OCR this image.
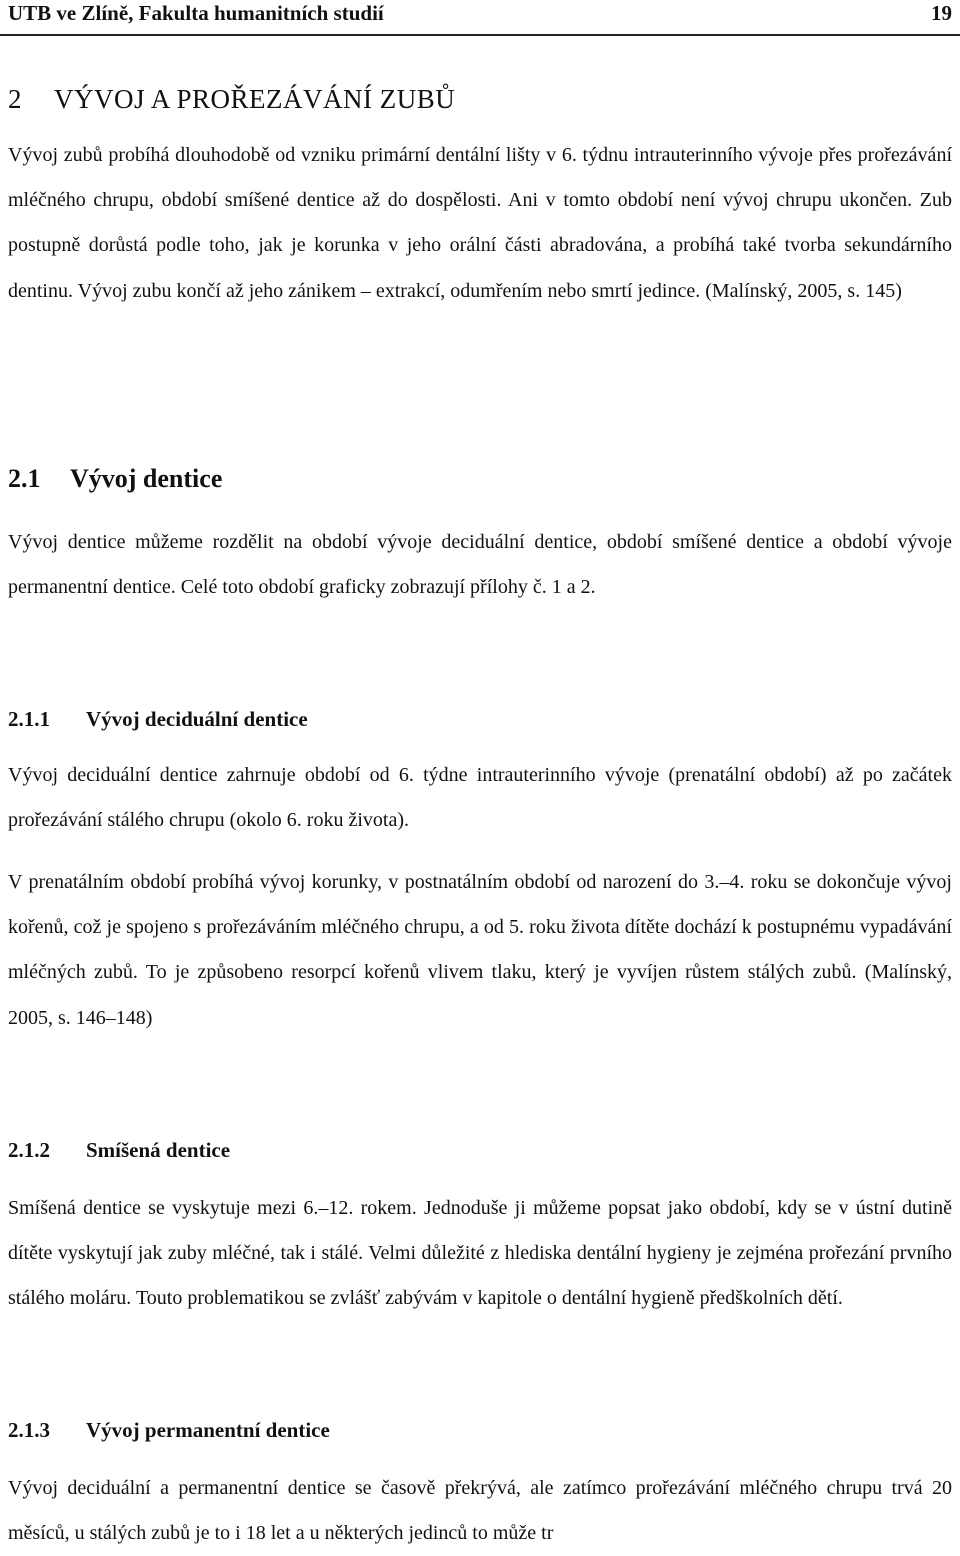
UTB ve Zlíně, Fakulta humanitních studií	19
2 VÝVOJ A PROŘEZÁVÁNÍ ZUBŮ

Vývoj zubů probíhá dlouhodobě od vzniku primární dentální lišty v 6. týdnu intrauterinního vývoje přes prořezávání mléčného chrupu, období smíšené dentice až do dospělosti. Ani v tomto období není vývoj chrupu ukončen. Zub postupně dorůstá podle toho, jak je korunka v jeho orální části abradována, a probíhá také tvorba sekundárního dentinu. Vývoj zubu končí až jeho zánikem – extrakcí, odumřením nebo smrtí jedince. (Malínský, 2005, s. 145)

2.1 Vývoj dentice

Vývoj dentice můžeme rozdělit na období vývoje deciduální dentice, období smíšené dentice a období vývoje permanentní dentice. Celé toto období graficky zobrazují přílohy č. 1 a 2.

2.1.1 Vývoj deciduální dentice

Vývoj deciduální dentice zahrnuje období od 6. týdne intrauterinního vývoje (prenatální období) až po začátek prořezávání stálého chrupu (okolo 6. roku života).

V prenatálním období probíhá vývoj korunky, v postnatálním období od narození do 3.–4. roku se dokončuje vývoj kořenů, což je spojeno s prořezáváním mléčného chrupu, a od 5. roku života dítěte dochází k postupnému vypadávání mléčných zubů. To je způsobeno resorpcí kořenů vlivem tlaku, který je vyvíjen růstem stálých zubů. (Malínský, 2005, s. 146–148)

2.1.2 Smíšená dentice

Smíšená dentice se vyskytuje mezi 6.–12. rokem. Jednoduše ji můžeme popsat jako období, kdy se v ústní dutině dítěte vyskytují jak zuby mléčné, tak i stálé. Velmi důležité z hlediska dentální hygieny je zejména prořezání prvního stálého moláru. Touto problematikou se zvlášť zabývám v kapitole o dentální hygieně předškolních dětí.

2.1.3 Vývoj permanentní dentice

Vývoj deciduální a permanentní dentice se časově překrývá, ale zatímco prořezávání mléčného chrupu trvá 20 měsíců, u stálých zubů je to i 18 let a u některých jedinců to může tr
